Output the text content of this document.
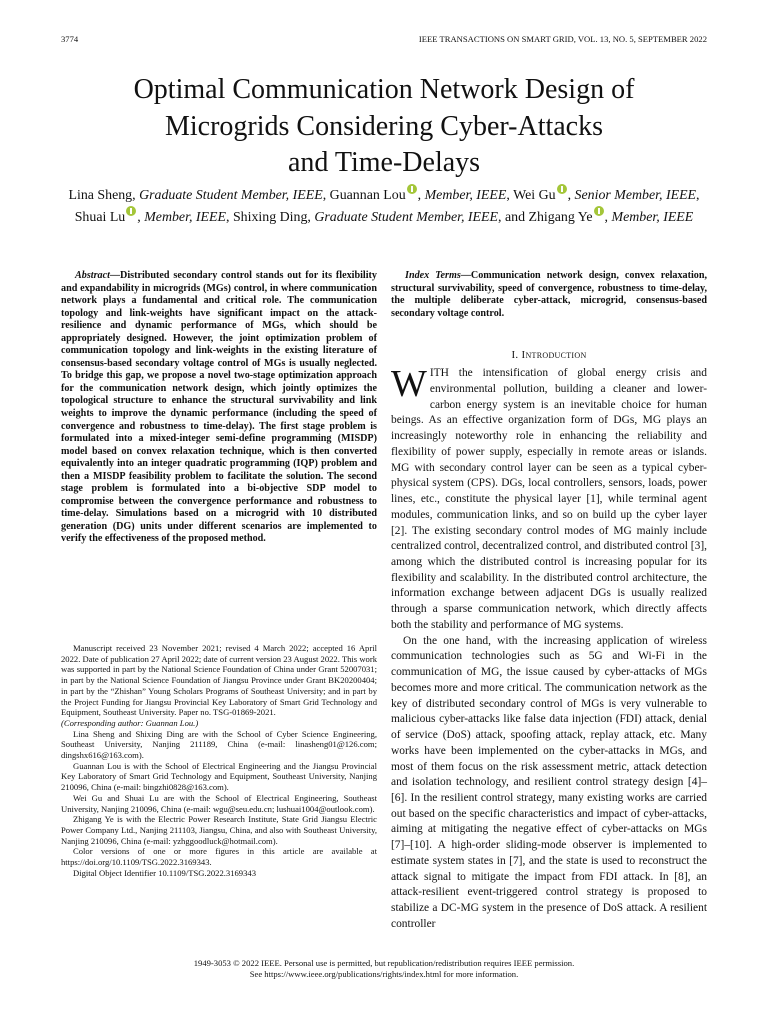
3774	IEEE TRANSACTIONS ON SMART GRID, VOL. 13, NO. 5, SEPTEMBER 2022
Optimal Communication Network Design of
Microgrids Considering Cyber-Attacks
and Time-Delays
Lina Sheng, Graduate Student Member, IEEE, Guannan Lou , Member, IEEE, Wei Gu , Senior Member, IEEE,
Shuai Lu , Member, IEEE, Shixing Ding, Graduate Student Member, IEEE, and Zhigang Ye , Member, IEEE

Abstract—Distributed secondary control stands out for its flexibility and expandability in microgrids (MGs) control, in where communication network plays a fundamental and critical role. The communication topology and link-weights have significant impact on the attack-resilience and dynamic performance of MGs, which should be appropriately designed. However, the joint optimization problem of communication topology and link-weights in the existing literature of consensus-based secondary voltage control of MGs is usually neglected. To bridge this gap, we propose a novel two-stage optimization approach for the communication network design, which jointly optimizes the topological structure to enhance the structural survivability and link weights to improve the dynamic performance (including the speed of convergence and robustness to time-delay). The first stage problem is formulated into a mixed-integer semi-define programming (MISDP) model based on convex relaxation technique, which is then converted equivalently into an integer quadratic programming (IQP) problem and then a MISDP feasibility problem to facilitate the solution. The second stage problem is formulated into a bi-objective SDP model to compromise between the convergence performance and robustness to time-delay. Simulations based on a microgrid with 10 distributed generation (DG) units under different scenarios are implemented to verify the effectiveness of the proposed method.

Manuscript received 23 November 2021; revised 4 March 2022; accepted 16 April 2022. Date of publication 27 April 2022; date of current version 23 August 2022. This work was supported in part by the National Science Foundation of China under Grant 52007031; in part by the National Science Foundation of Jiangsu Province under Grant BK20200404; in part by the “Zhishan” Young Scholars Programs of Southeast University; and in part by the Project Funding for Jiangsu Provincial Key Laboratory of Smart Grid Technology and Equipment, Southeast University. Paper no. TSG-01869-2021.
(Corresponding author: Guannan Lou.)

Lina Sheng and Shixing Ding are with the School of Cyber Science Engineering, Southeast University, Nanjing 211189, China (e-mail: linasheng01@126.com; dingshx616@163.com).

Guannan Lou is with the School of Electrical Engineering and the Jiangsu Provincial Key Laboratory of Smart Grid Technology and Equipment, Southeast University, Nanjing 210096, China (e-mail: bingzhi0828@163.com).

Wei Gu and Shuai Lu are with the School of Electrical Engineering, Southeast University, Nanjing 210096, China (e-mail: wgu@seu.edu.cn; lushuai1004@outlook.com).

Zhigang Ye is with the Electric Power Research Institute, State Grid Jiangsu Electric Power Company Ltd., Nanjing 211103, Jiangsu, China, and also with Southeast University, Nanjing 210096, China (e-mail: yzhggoodluck@hotmail.com).

Color versions of one or more figures in this article are available at https://doi.org/10.1109/TSG.2022.3169343.

Digital Object Identifier 10.1109/TSG.2022.3169343

Index Terms—Communication network design, convex relaxation, structural survivability, speed of convergence, robustness to time-delay, the multiple deliberate cyber-attack, microgrid, consensus-based secondary voltage control.

I. Introduction

WITH the intensification of global energy crisis and environmental pollution, building a cleaner and lower-carbon energy system is an inevitable choice for human beings. As an effective organization form of DGs, MG plays an increasingly noteworthy role in enhancing the reliability and flexibility of power supply, especially in remote areas or islands. MG with secondary control layer can be seen as a typical cyber-physical system (CPS). DGs, local controllers, sensors, loads, power lines, etc., constitute the physical layer [1], while terminal agent modules, communication links, and so on build up the cyber layer [2]. The existing secondary control modes of MG mainly include centralized control, decentralized control, and distributed control [3], among which the distributed control is increasing popular for its flexibility and scalability. In the distributed control architecture, the information exchange between adjacent DGs is usually realized through a sparse communication network, which directly affects both the stability and performance of MG systems.

On the one hand, with the increasing application of wireless communication technologies such as 5G and Wi-Fi in the communication of MG, the issue caused by cyber-attacks of MGs becomes more and more critical. The communication network as the key of distributed secondary control of MGs is very vulnerable to malicious cyber-attacks like false data injection (FDI) attack, denial of service (DoS) attack, spoofing attack, replay attack, etc. Many works have been implemented on the cyber-attacks in MGs, and most of them focus on the risk assessment metric, attack detection and isolation technology, and resilient control strategy design [4]–[6]. In the resilient control strategy, many existing works are carried out based on the specific characteristics and impact of cyber-attacks, aiming at mitigating the negative effect of cyber-attacks on MGs [7]–[10]. A high-order sliding-mode observer is implemented to estimate system states in [7], and the state is used to reconstruct the attack signal to mitigate the impact from FDI attack. In [8], an attack-resilient event-triggered control strategy is proposed to stabilize a DC-MG system in the presence of DoS attack. A resilient controller

1949-3053 © 2022 IEEE. Personal use is permitted, but republication/redistribution requires IEEE permission.
See https://www.ieee.org/publications/rights/index.html for more information.
